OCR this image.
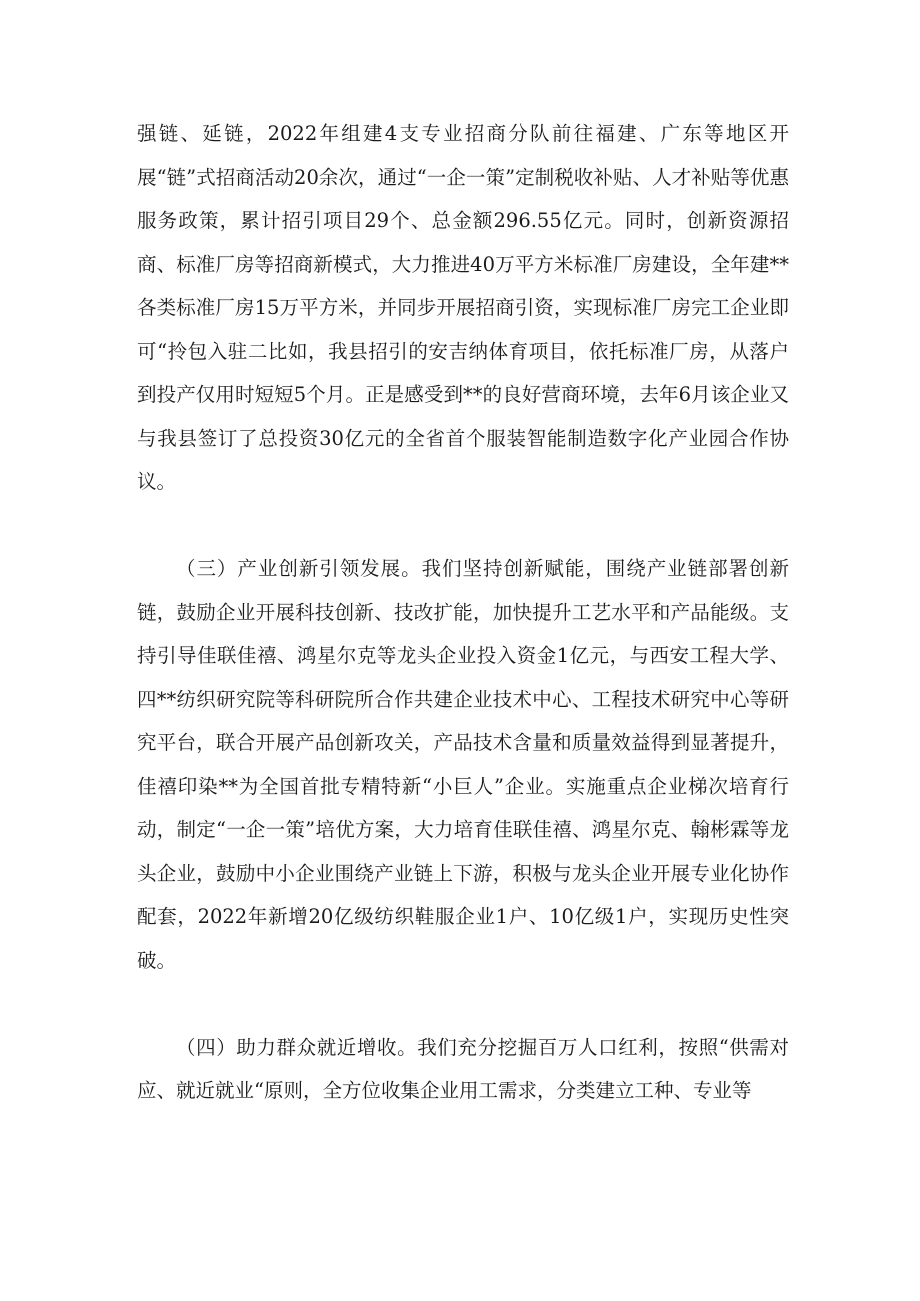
强链、延链，2022年组建4支专业招商分队前往福建、广东等地区开展“链”式招商活动20余次，通过“一企一策”定制税收补贴、人才补贴等优惠服务政策，累计招引项目29个、总金额296.55亿元。同时，创新资源招商、标准厂房等招商新模式，大力推进40万平方米标准厂房建设，全年建**各类标准厂房15万平方米，并同步开展招商引资，实现标准厂房完工企业即可“拎包入驻二比如，我县招引的安吉纳体育项目，依托标准厂房，从落户到投产仅用时短短5个月。正是感受到**的良好营商环境，去年6月该企业又与我县签订了总投资30亿元的全省首个服装智能制造数字化产业园合作协议。

（三）产业创新引领发展。我们坚持创新赋能，围绕产业链部署创新链，鼓励企业开展科技创新、技改扩能，加快提升工艺水平和产品能级。支持引导佳联佳禧、鸿星尔克等龙头企业投入资金1亿元，与西安工程大学、四**纺织研究院等科研院所合作共建企业技术中心、工程技术研究中心等研究平台，联合开展产品创新攻关，产品技术含量和质量效益得到显著提升，佳禧印染**为全国首批专精特新“小巨人”企业。实施重点企业梯次培育行动，制定“一企一策”培优方案，大力培育佳联佳禧、鸿星尔克、翰彬霖等龙头企业，鼓励中小企业围绕产业链上下游，积极与龙头企业开展专业化协作配套，2022年新增20亿级纺织鞋服企业1户、10亿级1户，实现历史性突破。

（四）助力群众就近增收。我们充分挖掘百万人口红利，按照“供需对应、就近就业“原则，全方位收集企业用工需求，分类建立工种、专业等
